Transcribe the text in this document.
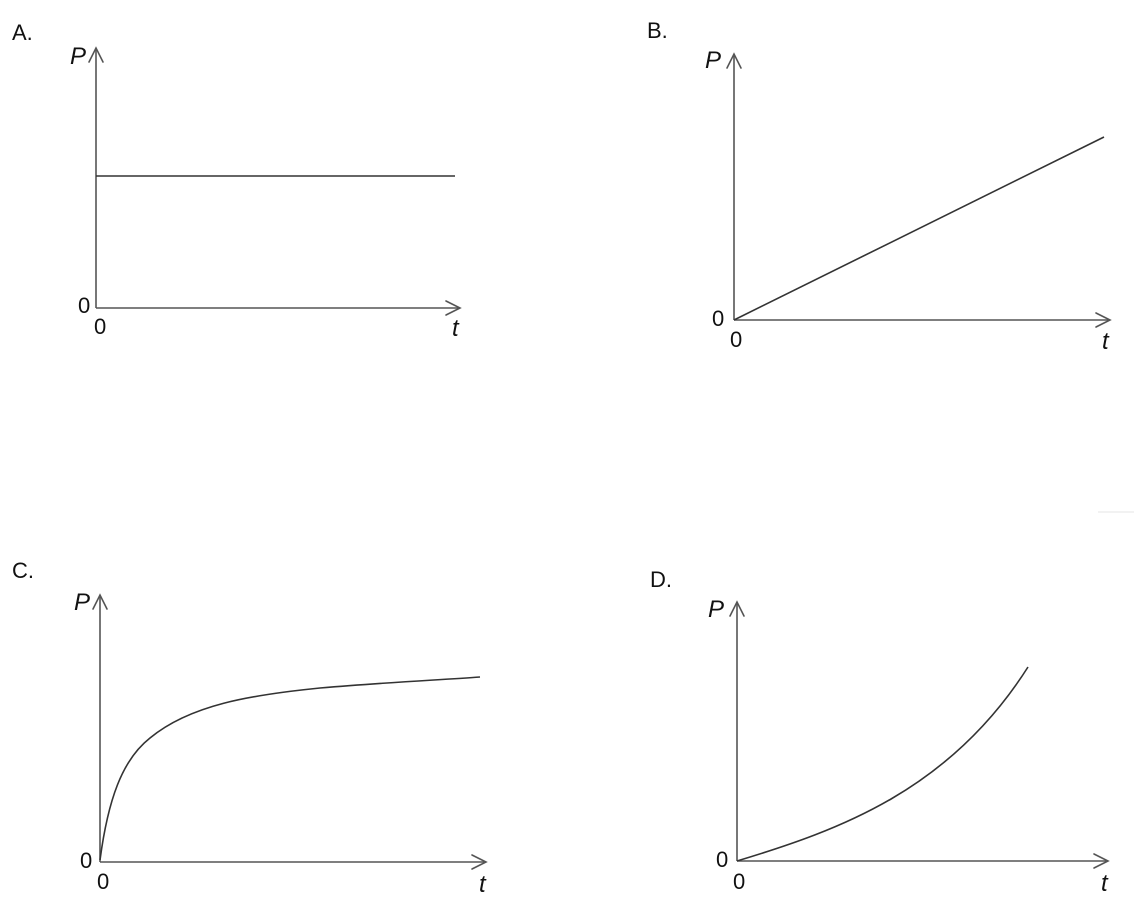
A.
P
0
0	t
B.
P
0
0	t
C.
P
0
0	t
D.
P
0
0	t
